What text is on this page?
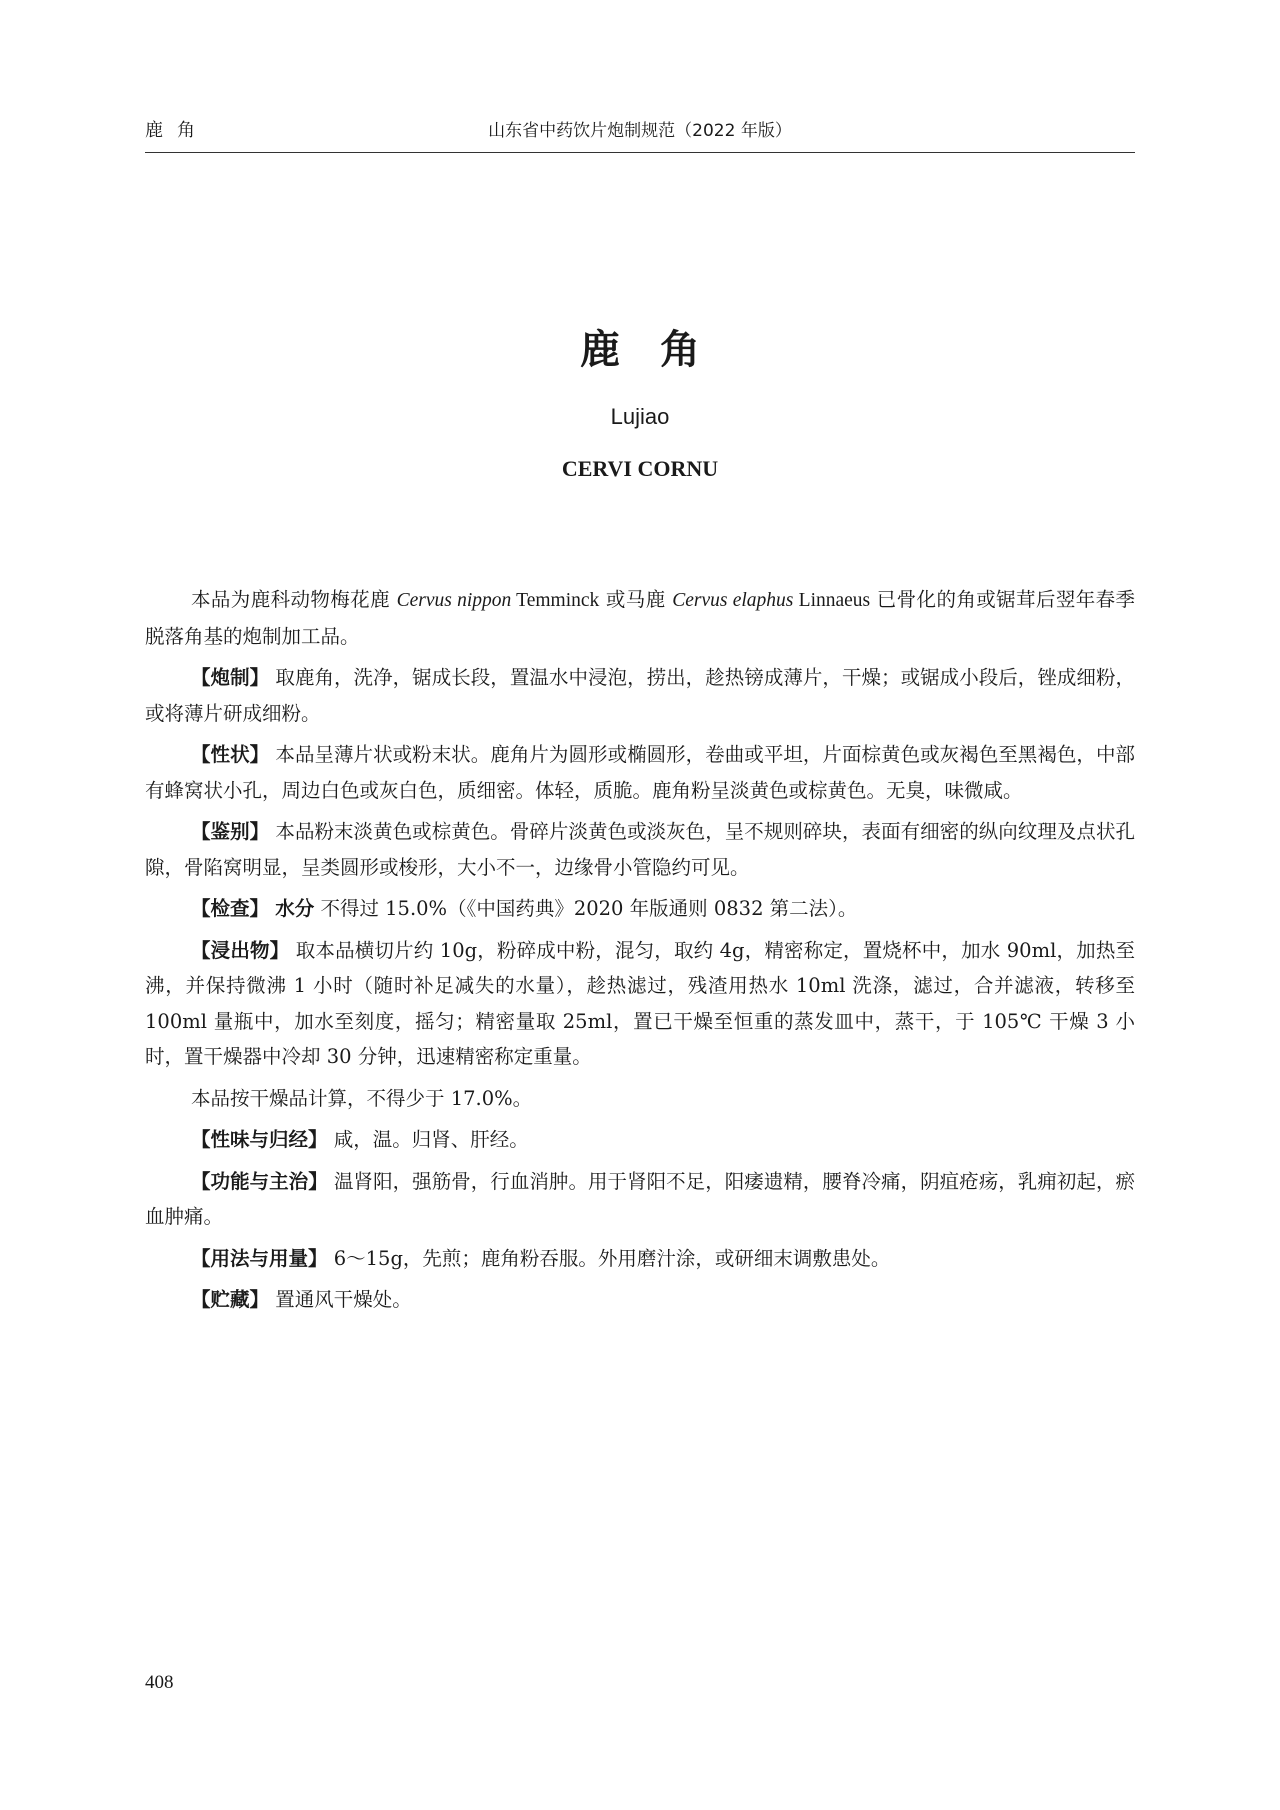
鹿角	山东省中药饮片炮制规范（2022 年版）
鹿角
Lujiao
CERVI CORNU

本品为鹿科动物梅花鹿 Cervus nippon Temminck 或马鹿 Cervus elaphus Linnaeus 已骨化的角或锯茸后翌年春季脱落角基的炮制加工品。

【炮制】 取鹿角，洗净，锯成长段，置温水中浸泡，捞出，趁热镑成薄片，干燥；或锯成小段后，锉成细粉，或将薄片研成细粉。

【性状】 本品呈薄片状或粉末状。鹿角片为圆形或椭圆形，卷曲或平坦，片面棕黄色或灰褐色至黑褐色，中部有蜂窝状小孔，周边白色或灰白色，质细密。体轻，质脆。鹿角粉呈淡黄色或棕黄色。无臭，味微咸。

【鉴别】 本品粉末淡黄色或棕黄色。骨碎片淡黄色或淡灰色，呈不规则碎块，表面有细密的纵向纹理及点状孔隙，骨陷窝明显，呈类圆形或梭形，大小不一，边缘骨小管隐约可见。

【检查】 水分 不得过 15.0%（《中国药典》2020 年版通则 0832 第二法）。

【浸出物】 取本品横切片约 10g，粉碎成中粉，混匀，取约 4g，精密称定，置烧杯中，加水 90ml，加热至沸，并保持微沸 1 小时（随时补足减失的水量），趁热滤过，残渣用热水 10ml 洗涤，滤过，合并滤液，转移至 100ml 量瓶中，加水至刻度，摇匀；精密量取 25ml，置已干燥至恒重的蒸发皿中，蒸干，于 105℃ 干燥 3 小时，置干燥器中冷却 30 分钟，迅速精密称定重量。

本品按干燥品计算，不得少于 17.0%。

【性味与归经】 咸，温。归肾、肝经。

【功能与主治】 温肾阳，强筋骨，行血消肿。用于肾阳不足，阳痿遗精，腰脊冷痛，阴疽疮疡，乳痈初起，瘀血肿痛。

【用法与用量】 6～15g，先煎；鹿角粉吞服。外用磨汁涂，或研细末调敷患处。

【贮藏】 置通风干燥处。

408
